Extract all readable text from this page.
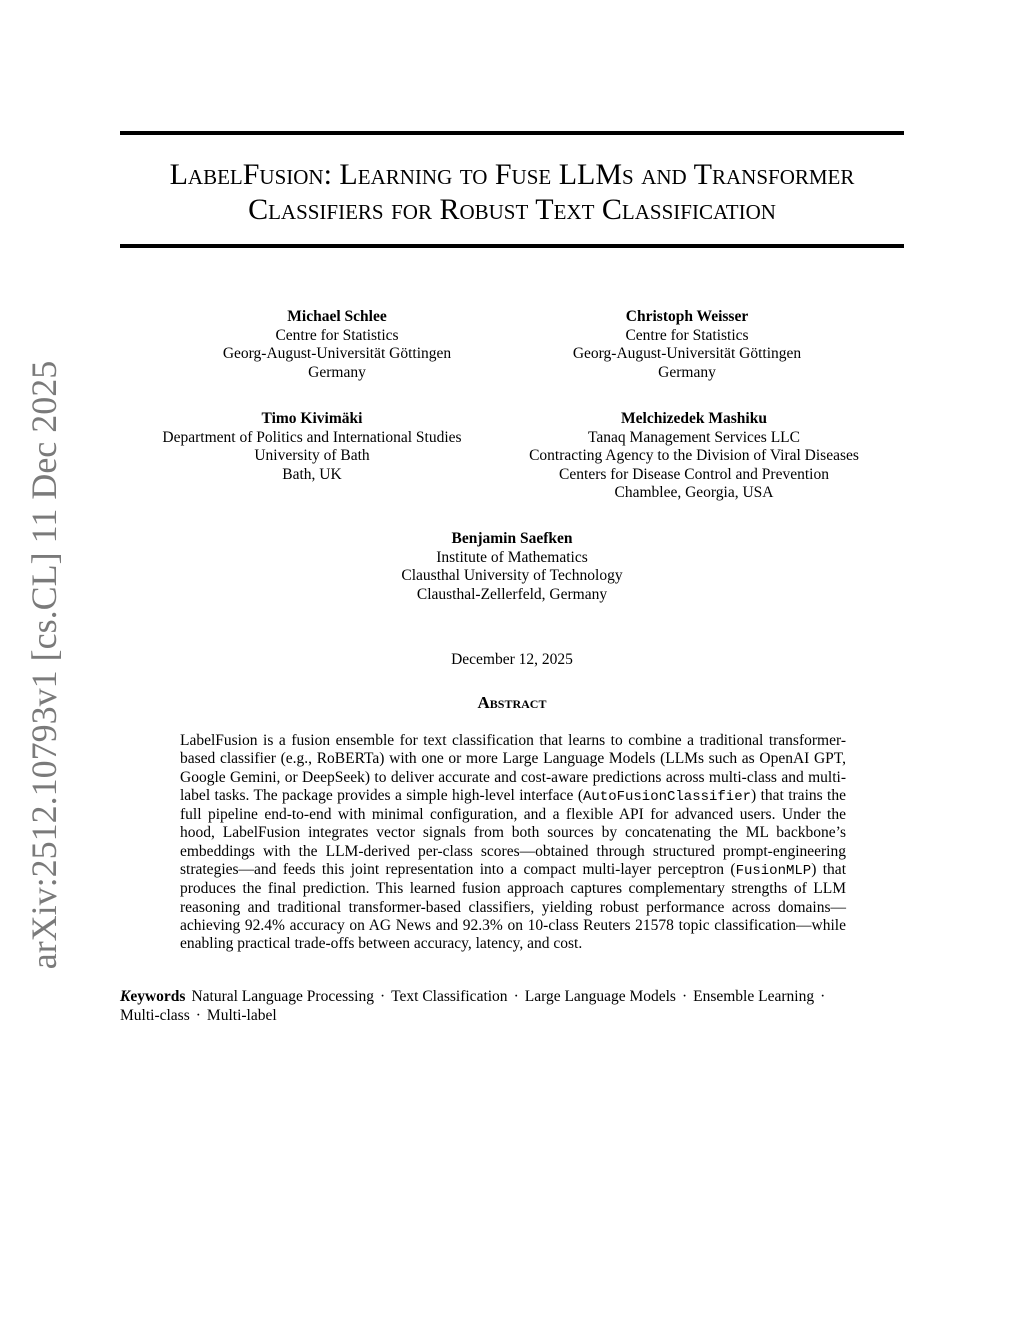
arXiv:2512.10793v1 [cs.CL] 11 Dec 2025
LabelFusion: Learning to Fuse LLMs and Transformer
Classifiers for Robust Text Classification
Michael Schlee
Centre for Statistics
Georg-August-Universität Göttingen
Germany
Christoph Weisser
Centre for Statistics
Georg-August-Universität Göttingen
Germany
Timo Kivimäki
Department of Politics and International Studies
University of Bath
Bath, UK
Melchizedek Mashiku
Tanaq Management Services LLC
Contracting Agency to the Division of Viral Diseases
Centers for Disease Control and Prevention
Chamblee, Georgia, USA
Benjamin Saefken
Institute of Mathematics
Clausthal University of Technology
Clausthal-Zellerfeld, Germany
December 12, 2025
Abstract

LabelFusion is a fusion ensemble for text classification that learns to combine a traditional transformer-based classifier (e.g., RoBERTa) with one or more Large Language Models (LLMs such as OpenAI GPT, Google Gemini, or DeepSeek) to deliver accurate and cost-aware predictions across multi-class and multi-label tasks. The package provides a simple high-level interface (AutoFusionClassifier) that trains the full pipeline end-to-end with minimal configuration, and a flexible API for advanced users. Under the hood, LabelFusion integrates vector signals from both sources by concatenating the ML backbone’s embeddings with the LLM-derived per-class scores—obtained through structured prompt-engineering strategies—and feeds this joint representation into a compact multi-layer perceptron (FusionMLP) that produces the final prediction. This learned fusion approach captures complementary strengths of LLM reasoning and traditional transformer-based classifiers, yielding robust performance across domains—achieving 92.4% accuracy on AG News and 92.3% on 10-class Reuters 21578 topic classification—while enabling practical trade-offs between accuracy, latency, and cost.

Keywords Natural Language Processing · Text Classification · Large Language Models · Ensemble Learning ·
Multi-class · Multi-label
